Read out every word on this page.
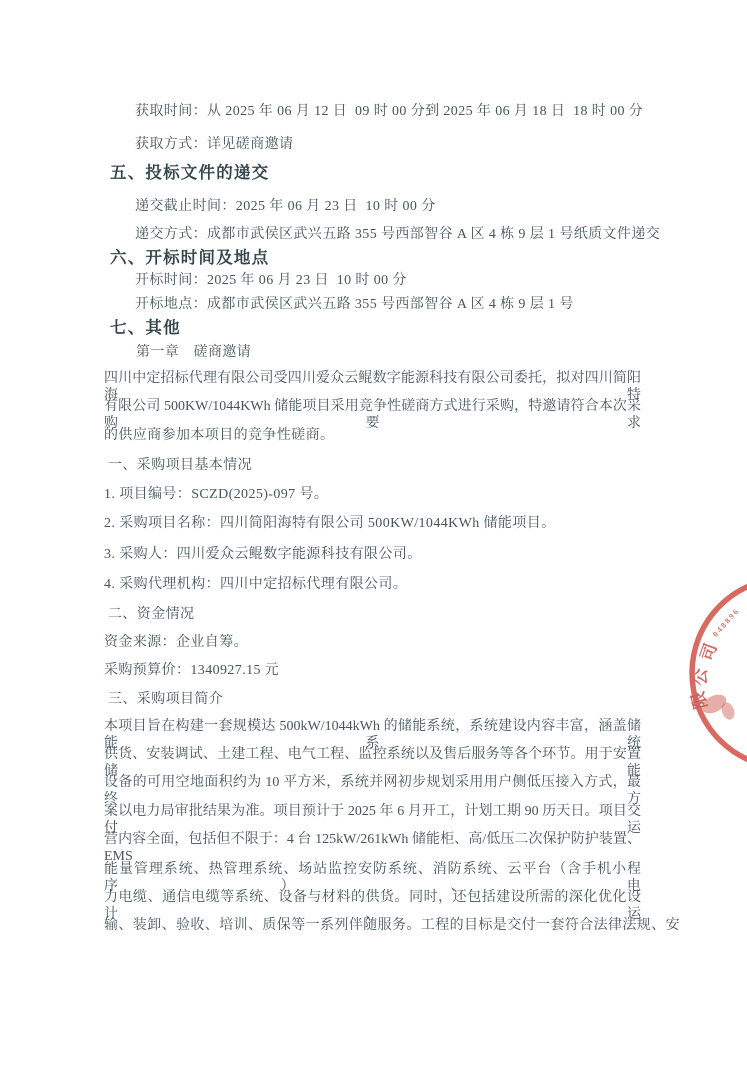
获取时间：从 2025 年 06 月 12 日  09 时 00 分到 2025 年 06 月 18 日  18 时 00 分
获取方式：详见磋商邀请
五、投标文件的递交
递交截止时间：2025 年 06 月 23 日  10 时 00 分
递交方式：成都市武侯区武兴五路 355 号西部智谷 A 区 4 栋 9 层 1 号纸质文件递交
六、开标时间及地点
开标时间：2025 年 06 月 23 日  10 时 00 分
开标地点：成都市武侯区武兴五路 355 号西部智谷 A 区 4 栋 9 层 1 号
七、其他
第一章　磋商邀请
四川中定招标代理有限公司受四川爱众云鲲数字能源科技有限公司委托，拟对四川简阳海特
有限公司 500KW/1044KWh 储能项目采用竞争性磋商方式进行采购，特邀请符合本次采购要求
的供应商参加本项目的竞争性磋商。
一、采购项目基本情况
1. 项目编号：SCZD(2025)-097 号。
2. 采购项目名称：四川简阳海特有限公司 500KW/1044KWh 储能项目。
3. 采购人：四川爱众云鲲数字能源科技有限公司。
4. 采购代理机构：四川中定招标代理有限公司。
二、资金情况
资金来源：企业自筹。
采购预算价：1340927.15 元
三、采购项目简介
本项目旨在构建一套规模达 500kW/1044kWh 的储能系统，系统建设内容丰富，涵盖储能系统
供货、安装调试、土建工程、电气工程、监控系统以及售后服务等各个环节。用于安置储能
设备的可用空地面积约为 10 平方米，系统并网初步规划采用用户侧低压接入方式，最终方
案以电力局审批结果为准。项目预计于 2025 年 6 月开工，计划工期 90 历天日。项目交付运
营内容全面，包括但不限于：4 台 125kW/261kWh 储能柜、高/低压二次保护防护装置、EMS
能量管理系统、热管理系统、场站监控安防系统、消防系统、云平台（含手机小程序）、电
力电缆、通信电缆等系统、设备与材料的供货。同时，还包括建设所需的深化优化设计、运
输、装卸、验收、培训、质保等一系列伴随服务。工程的目标是交付一套符合法律法规、安
048896
司
公
限
